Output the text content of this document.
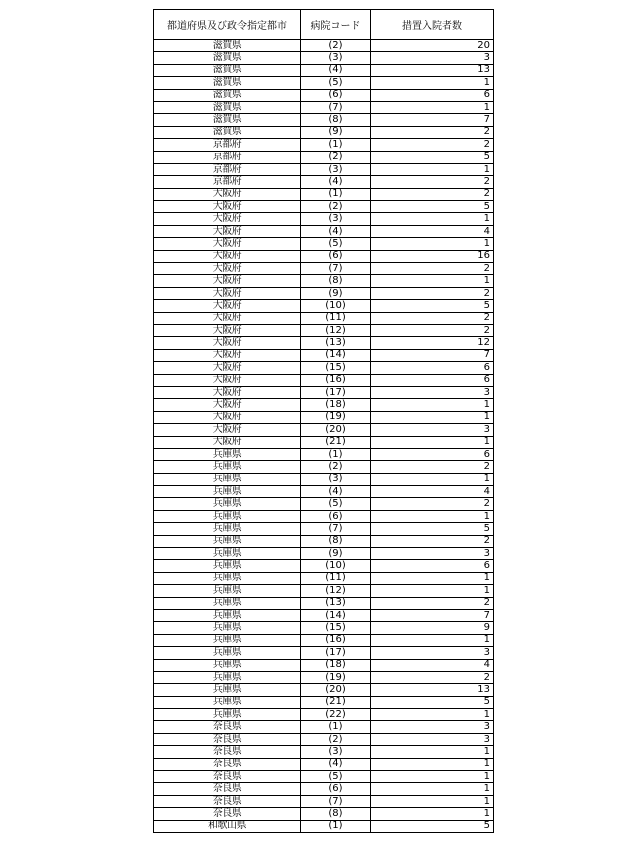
都道府県及び政令指定都市	病院コード	措置入院者数
滋賀県	(2)	20
滋賀県	(3)	3
滋賀県	(4)	13
滋賀県	(5)	1
滋賀県	(6)	6
滋賀県	(7)	1
滋賀県	(8)	7
滋賀県	(9)	2
京都府	(1)	2
京都府	(2)	5
京都府	(3)	1
京都府	(4)	2
大阪府	(1)	2
大阪府	(2)	5
大阪府	(3)	1
大阪府	(4)	4
大阪府	(5)	1
大阪府	(6)	16
大阪府	(7)	2
大阪府	(8)	1
大阪府	(9)	2
大阪府	(10)	5
大阪府	(11)	2
大阪府	(12)	2
大阪府	(13)	12
大阪府	(14)	7
大阪府	(15)	6
大阪府	(16)	6
大阪府	(17)	3
大阪府	(18)	1
大阪府	(19)	1
大阪府	(20)	3
大阪府	(21)	1
兵庫県	(1)	6
兵庫県	(2)	2
兵庫県	(3)	1
兵庫県	(4)	4
兵庫県	(5)	2
兵庫県	(6)	1
兵庫県	(7)	5
兵庫県	(8)	2
兵庫県	(9)	3
兵庫県	(10)	6
兵庫県	(11)	1
兵庫県	(12)	1
兵庫県	(13)	2
兵庫県	(14)	7
兵庫県	(15)	9
兵庫県	(16)	1
兵庫県	(17)	3
兵庫県	(18)	4
兵庫県	(19)	2
兵庫県	(20)	13
兵庫県	(21)	5
兵庫県	(22)	1
奈良県	(1)	3
奈良県	(2)	3
奈良県	(3)	1
奈良県	(4)	1
奈良県	(5)	1
奈良県	(6)	1
奈良県	(7)	1
奈良県	(8)	1
和歌山県	(1)	5
